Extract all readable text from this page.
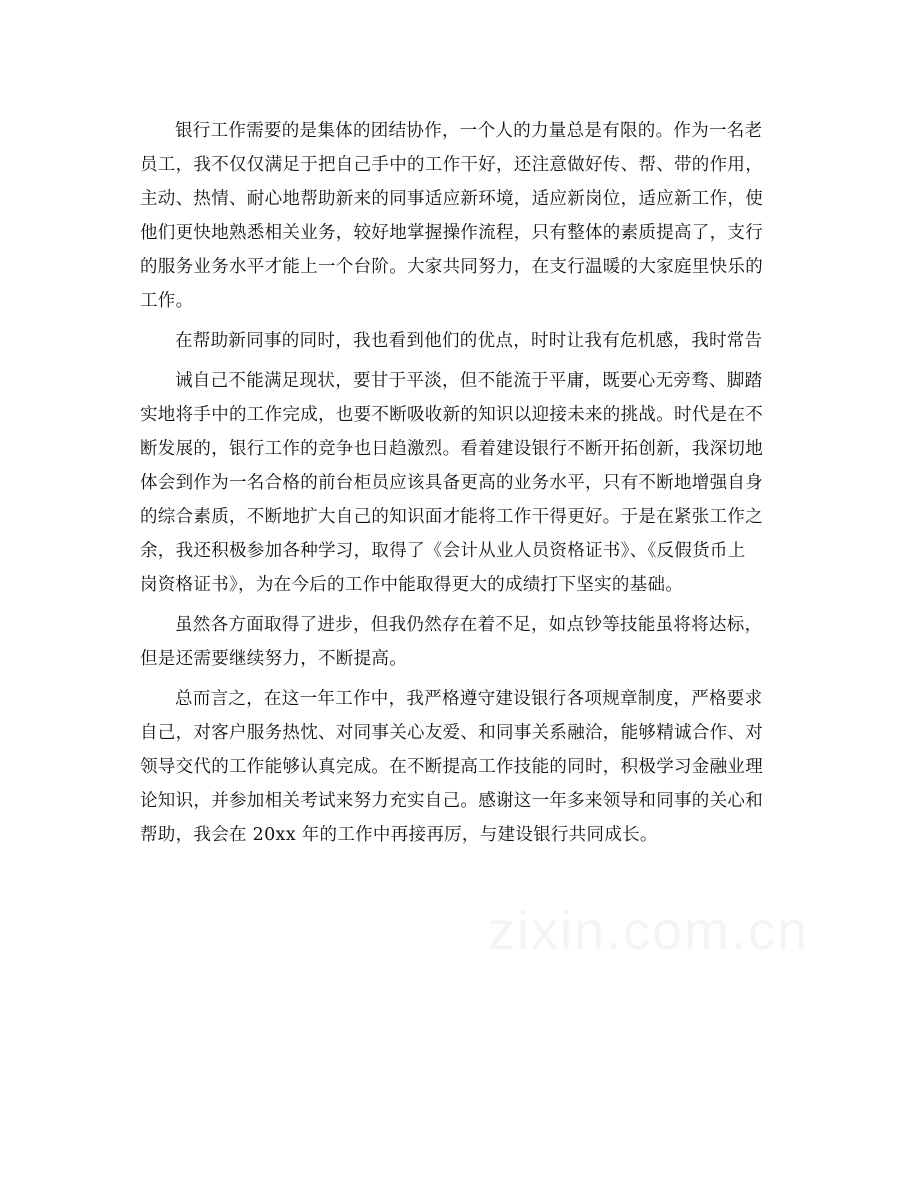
zixin.com.cn
银行工作需要的是集体的团结协作，一个人的力量总是有限的。作为一名老
员工，我不仅仅满足于把自己手中的工作干好，还注意做好传、帮、带的作用，
主动、热情、耐心地帮助新来的同事适应新环境，适应新岗位，适应新工作，使
他们更快地熟悉相关业务，较好地掌握操作流程，只有整体的素质提高了，支行
的服务业务水平才能上一个台阶。大家共同努力，在支行温暖的大家庭里快乐的
工作。
在帮助新同事的同时，我也看到他们的优点，时时让我有危机感，我时常告
诫自己不能满足现状，要甘于平淡，但不能流于平庸，既要心无旁骛、脚踏
实地将手中的工作完成，也要不断吸收新的知识以迎接未来的挑战。时代是在不
断发展的，银行工作的竞争也日趋激烈。看着建设银行不断开拓创新，我深切地
体会到作为一名合格的前台柜员应该具备更高的业务水平，只有不断地增强自身
的综合素质，不断地扩大自己的知识面才能将工作干得更好。于是在紧张工作之
余，我还积极参加各种学习，取得了《会计从业人员资格证书》、《反假货币上
岗资格证书》，为在今后的工作中能取得更大的成绩打下坚实的基础。
虽然各方面取得了进步，但我仍然存在着不足，如点钞等技能虽将将达标，
但是还需要继续努力，不断提高。
总而言之，在这一年工作中，我严格遵守建设银行各项规章制度，严格要求
自己，对客户服务热忱、对同事关心友爱、和同事关系融洽，能够精诚合作、对
领导交代的工作能够认真完成。在不断提高工作技能的同时，积极学习金融业理
论知识，并参加相关考试来努力充实自己。感谢这一年多来领导和同事的关心和
帮助，我会在 20xx 年的工作中再接再厉，与建设银行共同成长。
